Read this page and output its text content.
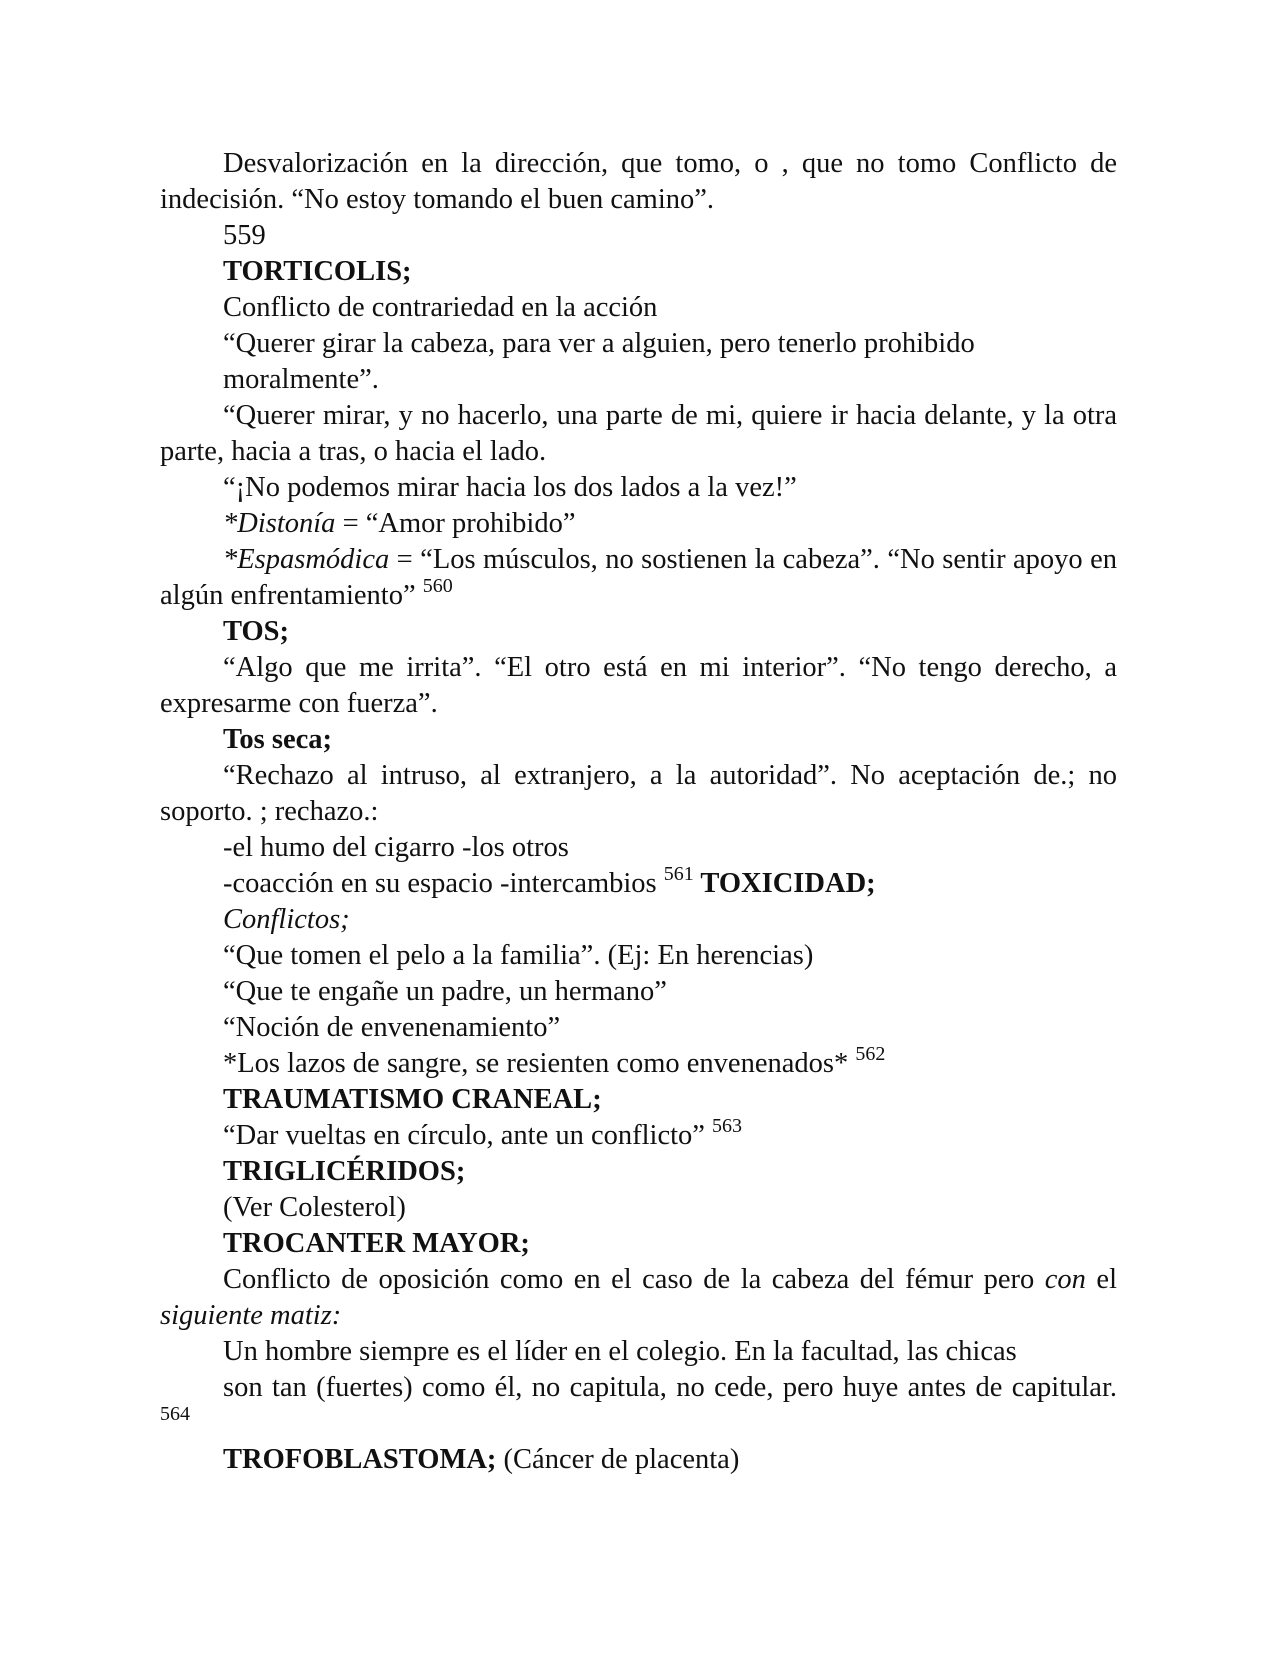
Desvalorización en la dirección, que tomo, o , que no tomo Conflicto de indecisión. “No estoy tomando el buen camino”.

559

TORTICOLIS;

Conflicto de contrariedad en la acción

“Querer girar la cabeza, para ver a alguien, pero tenerlo prohibido moralmente”.

“Querer mirar, y no hacerlo, una parte de mi, quiere ir hacia delante, y la otra parte, hacia a tras, o hacia el lado.

“¡No podemos mirar hacia los dos lados a la vez!”

*Distonía = “Amor prohibido”

*Espasmódica = “Los músculos, no sostienen la cabeza”. “No sentir apoyo en algún enfrentamiento” $^{560}$

TOS;

“Algo que me irrita”. “El otro está en mi interior”. “No tengo derecho, a expresarme con fuerza”.

Tos seca;

“Rechazo al intruso, al extranjero, a la autoridad”. No aceptación de.; no soporto. ; rechazo.:

-el humo del cigarro -los otros

-coacción en su espacio -intercambios $^{561}$ TOXICIDAD;

Conflictos;

“Que tomen el pelo a la familia”. (Ej: En herencias)

“Que te engañe un padre, un hermano”

“Noción de envenenamiento”

*Los lazos de sangre, se resienten como envenenados* $^{562}$

TRAUMATISMO CRANEAL;

“Dar vueltas en círculo, ante un conflicto” $^{563}$

TRIGLICÉRIDOS;

(Ver Colesterol)

TROCANTER MAYOR;

Conflicto de oposición como en el caso de la cabeza del fémur pero con el siguiente matiz:

Un hombre siempre es el líder en el colegio. En la facultad, las chicas

son tan (fuertes) como él, no capitula, no cede, pero huye antes de capitular. $^{564}$

TROFOBLASTOMA; (Cáncer de placenta)
